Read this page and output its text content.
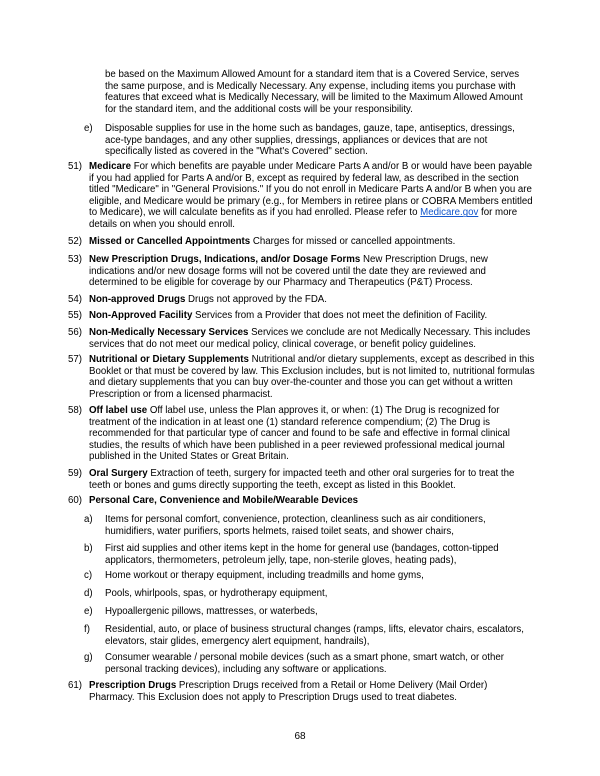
be based on the Maximum Allowed Amount for a standard item that is a Covered Service, serves the same purpose, and is Medically Necessary. Any expense, including items you purchase with features that exceed what is Medically Necessary, will be limited to the Maximum Allowed Amount for the standard item, and the additional costs will be your responsibility.
e)	Disposable supplies for use in the home such as bandages, gauze, tape, antiseptics, dressings, ace-type bandages, and any other supplies, dressings, appliances or devices that are not specifically listed as covered in the "What's Covered" section.
51) Medicare For which benefits are payable under Medicare Parts A and/or B or would have been payable if you had applied for Parts A and/or B, except as required by federal law, as described in the section titled "Medicare" in "General Provisions." If you do not enroll in Medicare Parts A and/or B when you are eligible, and Medicare would be primary (e.g., for Members in retiree plans or COBRA Members entitled to Medicare), we will calculate benefits as if you had enrolled. Please refer to Medicare.gov for more details on when you should enroll.
52) Missed or Cancelled Appointments Charges for missed or cancelled appointments.
53) New Prescription Drugs, Indications, and/or Dosage Forms New Prescription Drugs, new indications and/or new dosage forms will not be covered until the date they are reviewed and determined to be eligible for coverage by our Pharmacy and Therapeutics (P&T) Process.
54) Non-approved Drugs Drugs not approved by the FDA.
55) Non-Approved Facility Services from a Provider that does not meet the definition of Facility.
56) Non-Medically Necessary Services Services we conclude are not Medically Necessary. This includes services that do not meet our medical policy, clinical coverage, or benefit policy guidelines.
57) Nutritional or Dietary Supplements Nutritional and/or dietary supplements, except as described in this Booklet or that must be covered by law. This Exclusion includes, but is not limited to, nutritional formulas and dietary supplements that you can buy over-the-counter and those you can get without a written Prescription or from a licensed pharmacist.
58) Off label use Off label use, unless the Plan approves it, or when: (1) The Drug is recognized for treatment of the indication in at least one (1) standard reference compendium; (2) The Drug is recommended for that particular type of cancer and found to be safe and effective in formal clinical studies, the results of which have been published in a peer reviewed professional medical journal published in the United States or Great Britain.
59) Oral Surgery Extraction of teeth, surgery for impacted teeth and other oral surgeries for to treat the teeth or bones and gums directly supporting the teeth, except as listed in this Booklet.
60) Personal Care, Convenience and Mobile/Wearable Devices
a)	Items for personal comfort, convenience, protection, cleanliness such as air conditioners, humidifiers, water purifiers, sports helmets, raised toilet seats, and shower chairs,
b)	First aid supplies and other items kept in the home for general use (bandages, cotton-tipped applicators, thermometers, petroleum jelly, tape, non-sterile gloves, heating pads),
c)	Home workout or therapy equipment, including treadmills and home gyms,
d)	Pools, whirlpools, spas, or hydrotherapy equipment,
e)	Hypoallergenic pillows, mattresses, or waterbeds,
f)	Residential, auto, or place of business structural changes (ramps, lifts, elevator chairs, escalators, elevators, stair glides, emergency alert equipment, handrails),
g)	Consumer wearable / personal mobile devices (such as a smart phone, smart watch, or other personal tracking devices), including any software or applications.
61) Prescription Drugs Prescription Drugs received from a Retail or Home Delivery (Mail Order) Pharmacy. This Exclusion does not apply to Prescription Drugs used to treat diabetes.
68
